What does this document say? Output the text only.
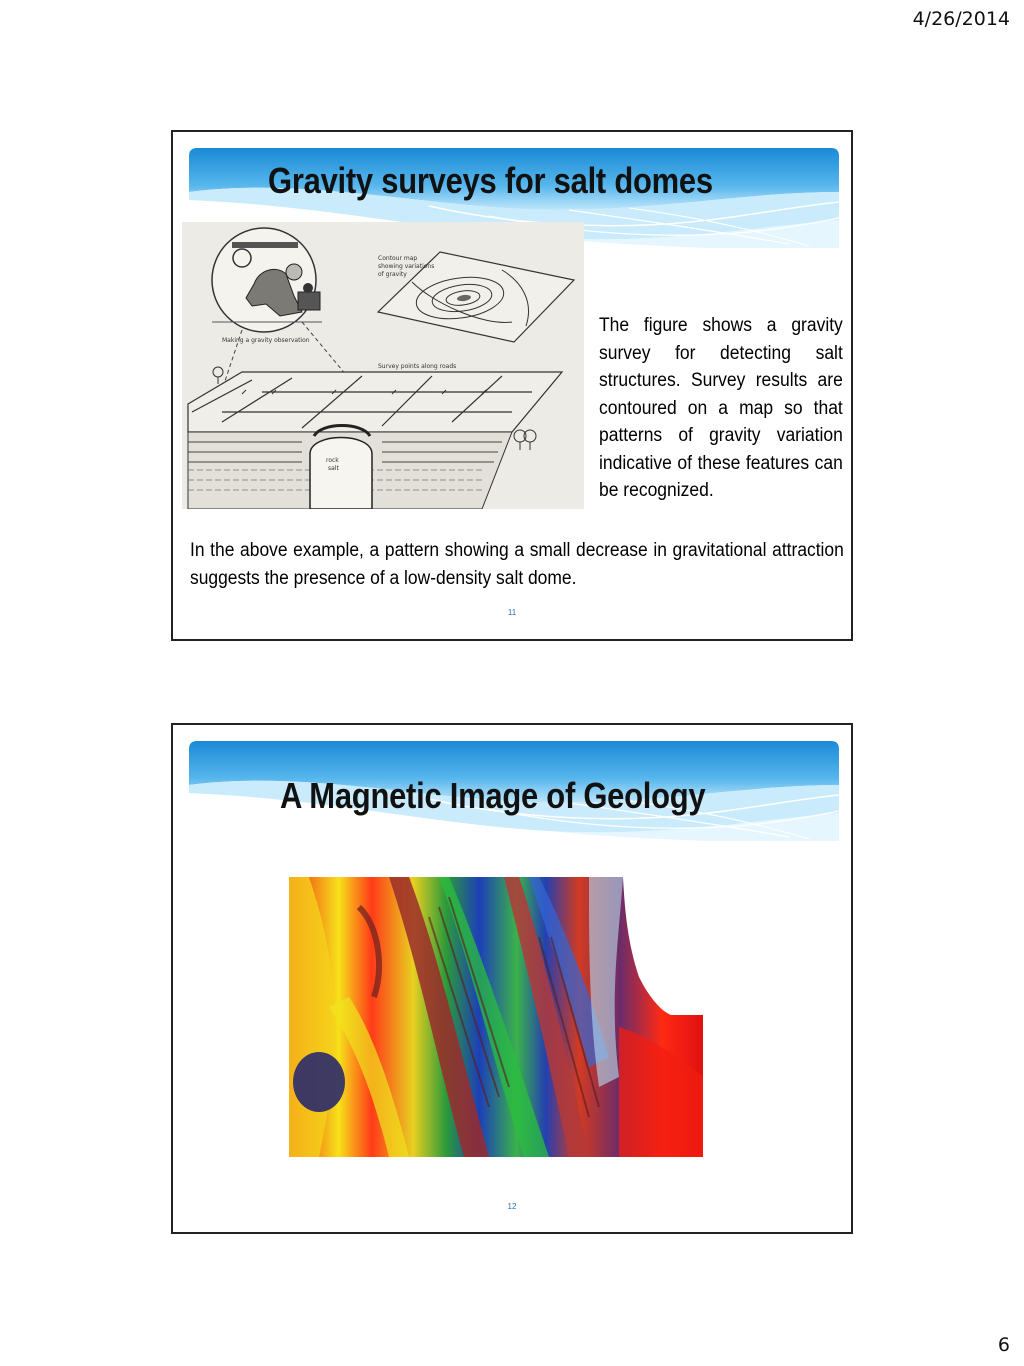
4/26/2014
Gravity surveys for salt domes
Making a gravity observation
Contour map
showing variations
of gravity
Survey points along roads
rock
salt
The figure shows a gravity survey for detecting salt structures. Survey results are contoured on a map so that patterns of gravity variation indicative of these features can be recognized.
In the above example, a pattern showing a small decrease in gravitational attraction suggests the presence of a low-density salt dome.
11
A Magnetic Image of Geology
12
6
